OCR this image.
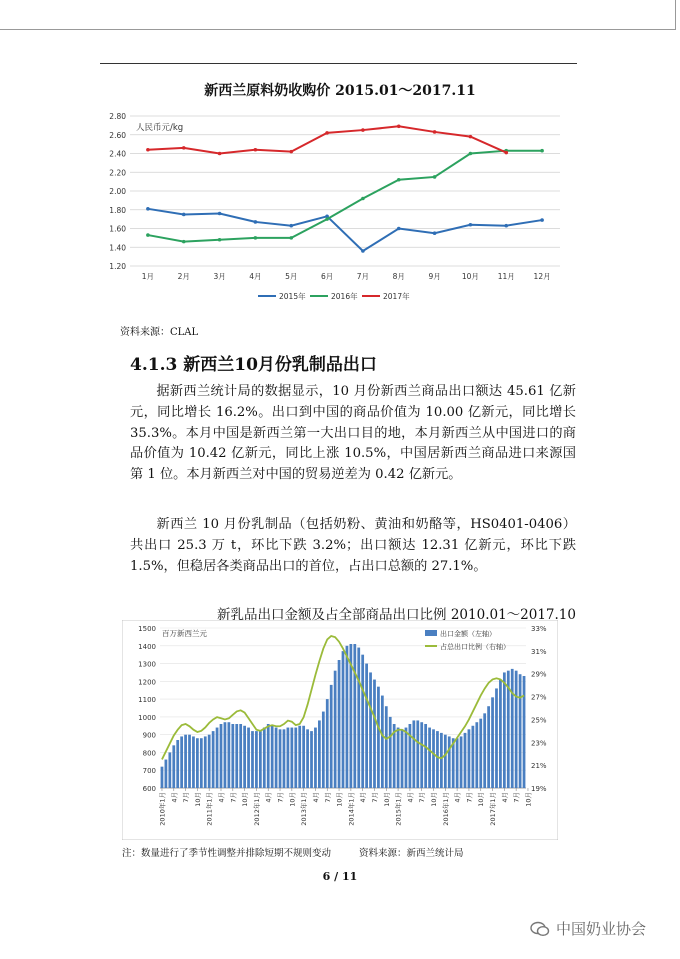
新西兰原料奶收购价 2015.01～2017.11
1.20
1.40
1.60
1.80
2.00
2.20
2.40
2.60
2.80
人民币元/kg
1月	2月	3月	4月	5月	6月	7月	8月	9月	10月	11月	12月
2015年	2016年	2017年
资料来源：CLAL
4.1.3 新西兰10月份乳制品出口

据新西兰统计局的数据显示，10 月份新西兰商品出口额达 45.61 亿新元，同比增长 16.2%。出口到中国的商品价值为 10.00 亿新元，同比增长 35.3%。本月中国是新西兰第一大出口目的地，本月新西兰从中国进口的商品价值为 10.42 亿新元，同比上涨 10.5%，中国居新西兰商品进口来源国第 1 位。本月新西兰对中国的贸易逆差为 0.42 亿新元。

新西兰 10 月份乳制品（包括奶粉、黄油和奶酪等，HS0401-0406）共出口 25.3 万 t，环比下跌 3.2%；出口额达 12.31 亿新元，环比下跌 1.5%，但稳居各类商品出口的首位，占出口总额的 27.1%。

新乳品出口金额及占全部商品出口比例 2010.01～2017.10
600
700
800
900
1000
1100
1200
1300
1400
1500
19%
21%
23%
25%
27%
29%
31%
33%
百万新西兰元
2010年1月 4月 7月 10月 2011年1月 4月 7月 10月 2012年1月 4月 7月 10月 2013年1月 4月 7月 10月 2014年1月 4月 7月 10月 2015年1月 4月 7月 10月 2016年1月 4月 7月 10月 2017年1月 4月 7月 10月
出口金额（左轴）
占总出口比例（右轴）
注：数量进行了季节性调整并排除短期不规则变动	资料来源：新西兰统计局
6 / 11
中国奶业协会
